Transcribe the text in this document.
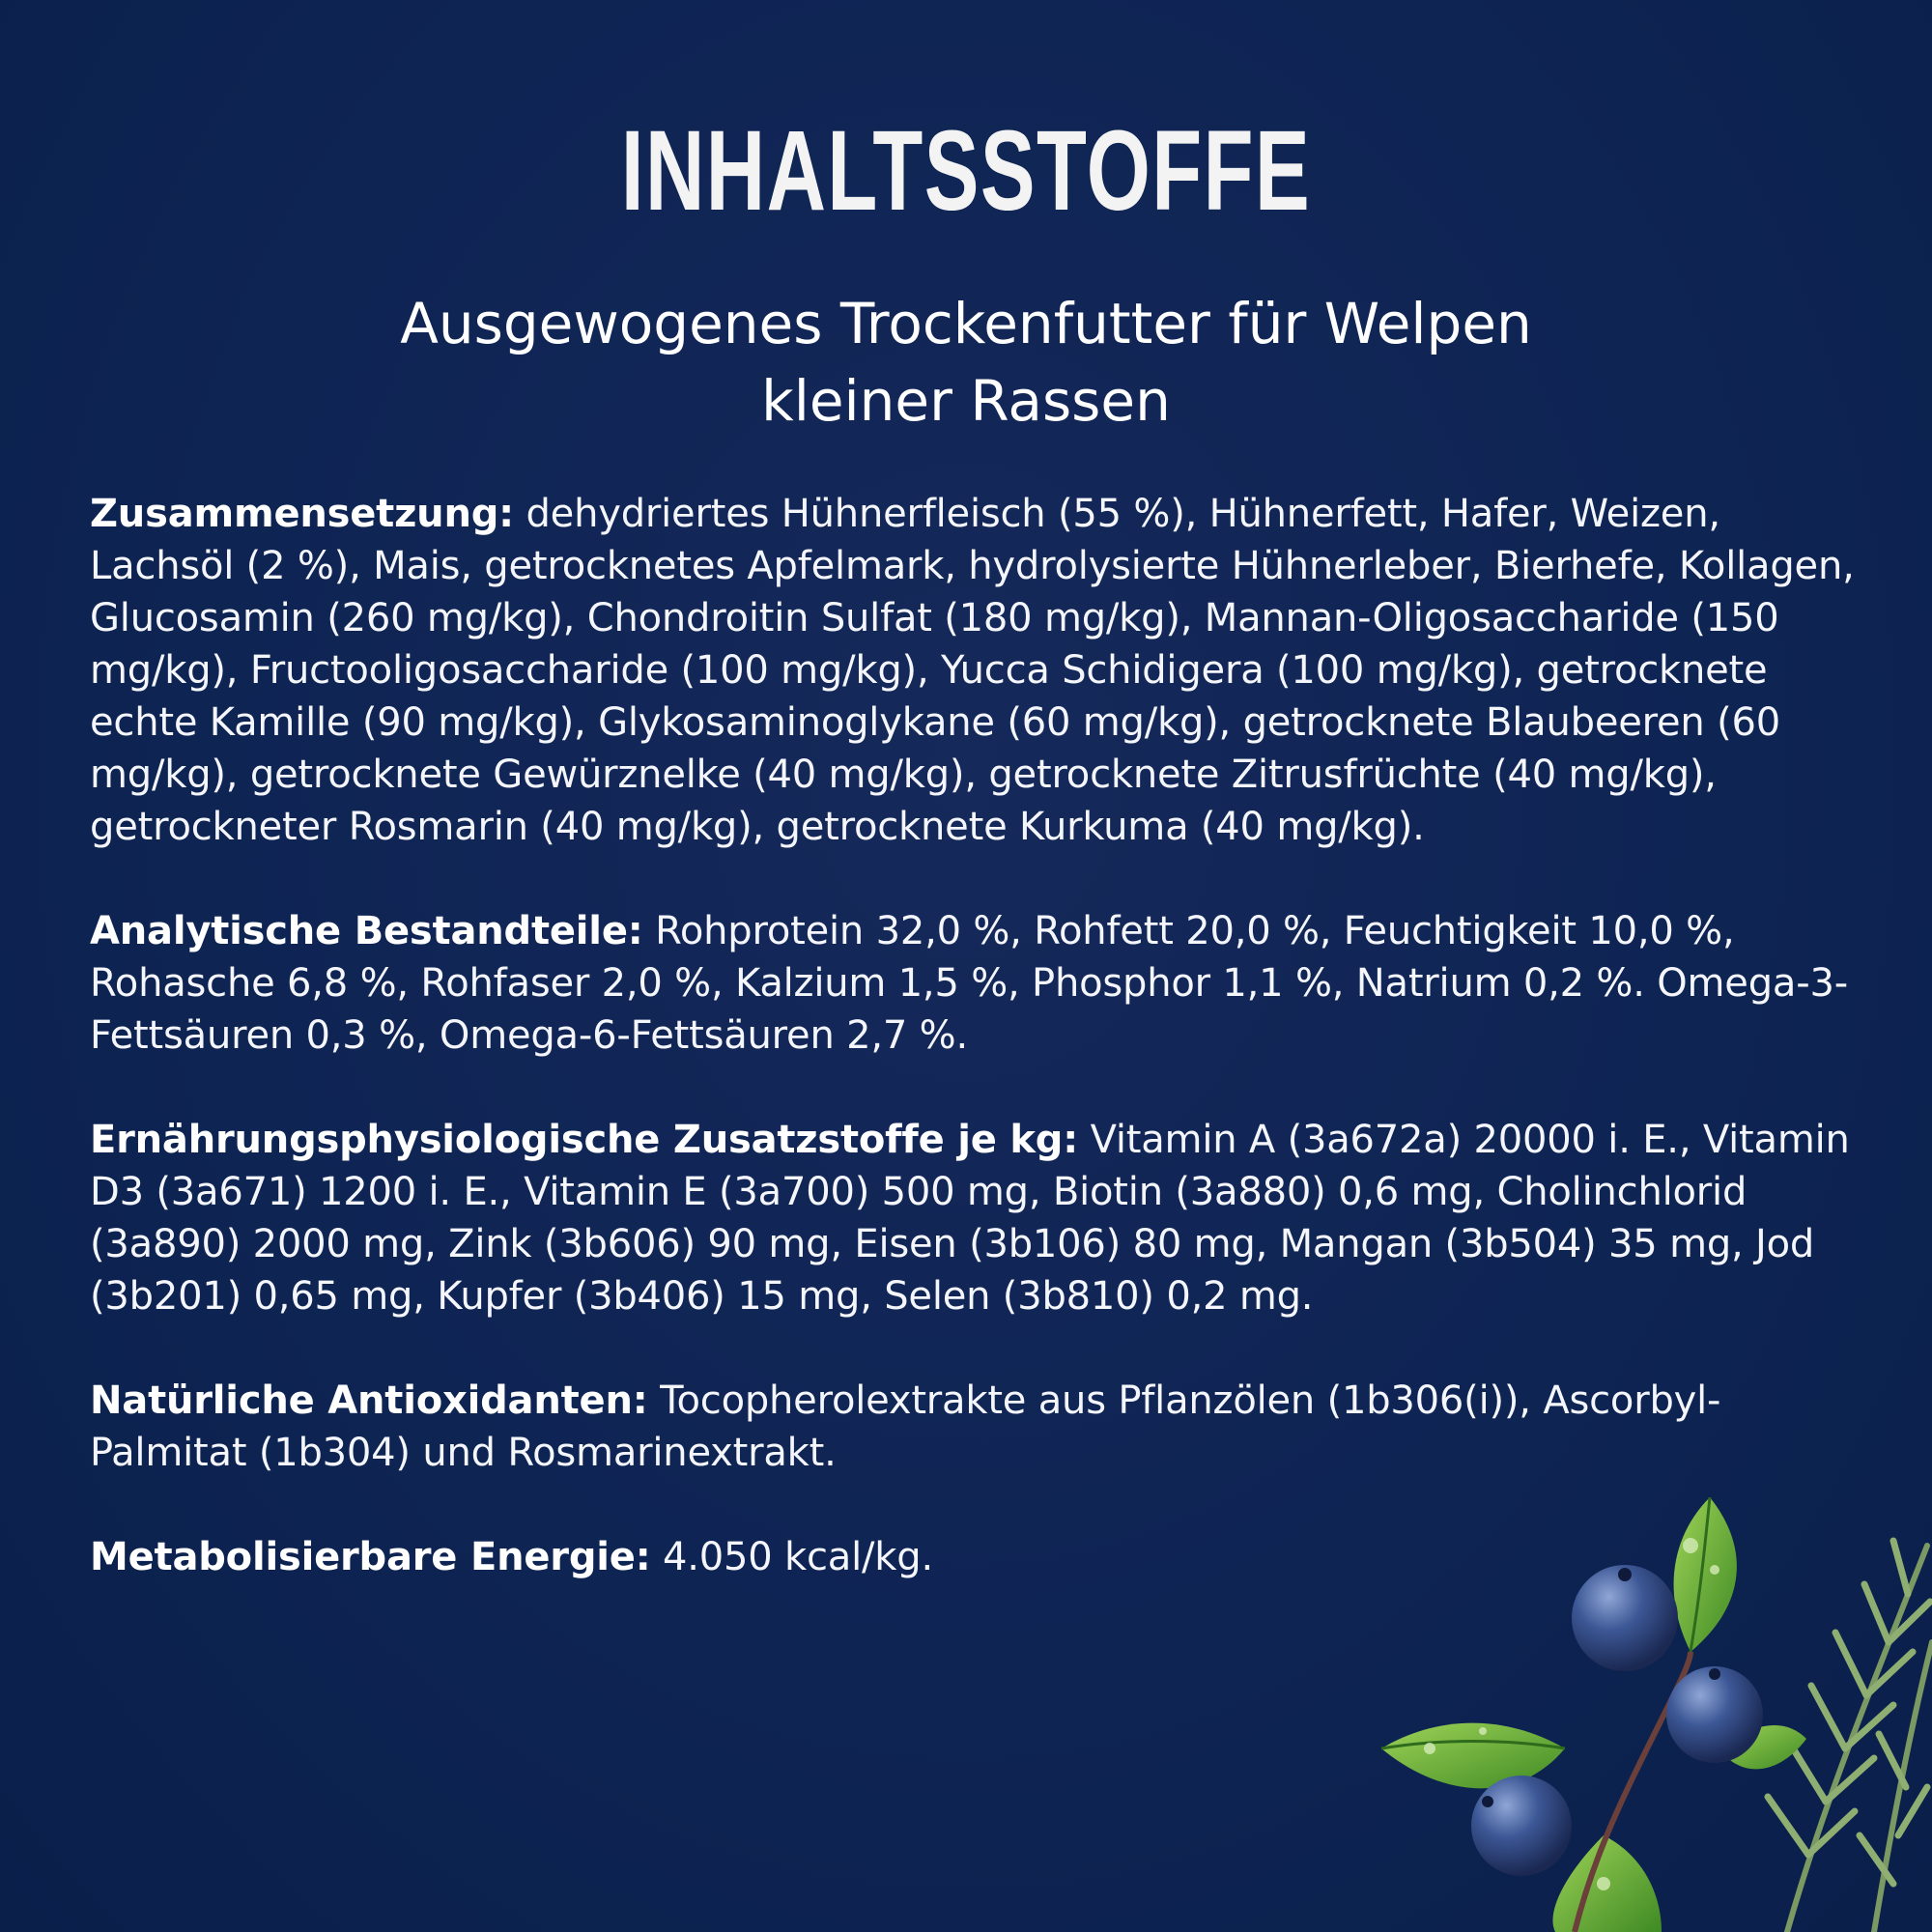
INHALTSSTOFFE
Ausgewogenes Trockenfutter für Welpen
kleiner Rassen

Zusammensetzung: dehydriertes Hühnerfleisch (55 %), Hühnerfett, Hafer, Weizen, Lachsöl (2 %), Mais, getrocknetes Apfelmark, hydrolysierte Hühnerleber, Bierhefe, Kollagen, Glucosamin (260 mg/kg), Chondroitin Sulfat (180 mg/kg), Mannan-Oligosaccharide (150 mg/kg), Fructooligosaccharide (100 mg/kg), Yucca Schidigera (100 mg/kg), getrocknete echte Kamille (90 mg/kg), Glykosaminoglykane (60 mg/kg), getrocknete Blaubeeren (60 mg/kg), getrocknete Gewürznelke (40 mg/kg), getrocknete Zitrusfrüchte (40 mg/kg), getrockneter Rosmarin (40 mg/kg), getrocknete Kurkuma (40 mg/kg).

Analytische Bestandteile: Rohprotein 32,0 %, Rohfett 20,0 %, Feuchtigkeit 10,0 %, Rohasche 6,8 %, Rohfaser 2,0 %, Kalzium 1,5 %, Phosphor 1,1 %, Natrium 0,2 %. Omega-3-Fettsäuren 0,3 %, Omega-6-Fettsäuren 2,7 %.

Ernährungsphysiologische Zusatzstoffe je kg: Vitamin A (3a672a) 20000 i. E., Vitamin D3 (3a671) 1200 i. E., Vitamin E (3a700) 500 mg, Biotin (3a880) 0,6 mg, Cholinchlorid (3a890) 2000 mg, Zink (3b606) 90 mg, Eisen (3b106) 80 mg, Mangan (3b504) 35 mg, Jod (3b201) 0,65 mg, Kupfer (3b406) 15 mg, Selen (3b810) 0,2 mg.

Natürliche Antioxidanten: Tocopherolextrakte aus Pflanzölen (1b306(i)), Ascorbyl-Palmitat (1b304) und Rosmarinextrakt.

Metabolisierbare Energie: 4.050 kcal/kg.
